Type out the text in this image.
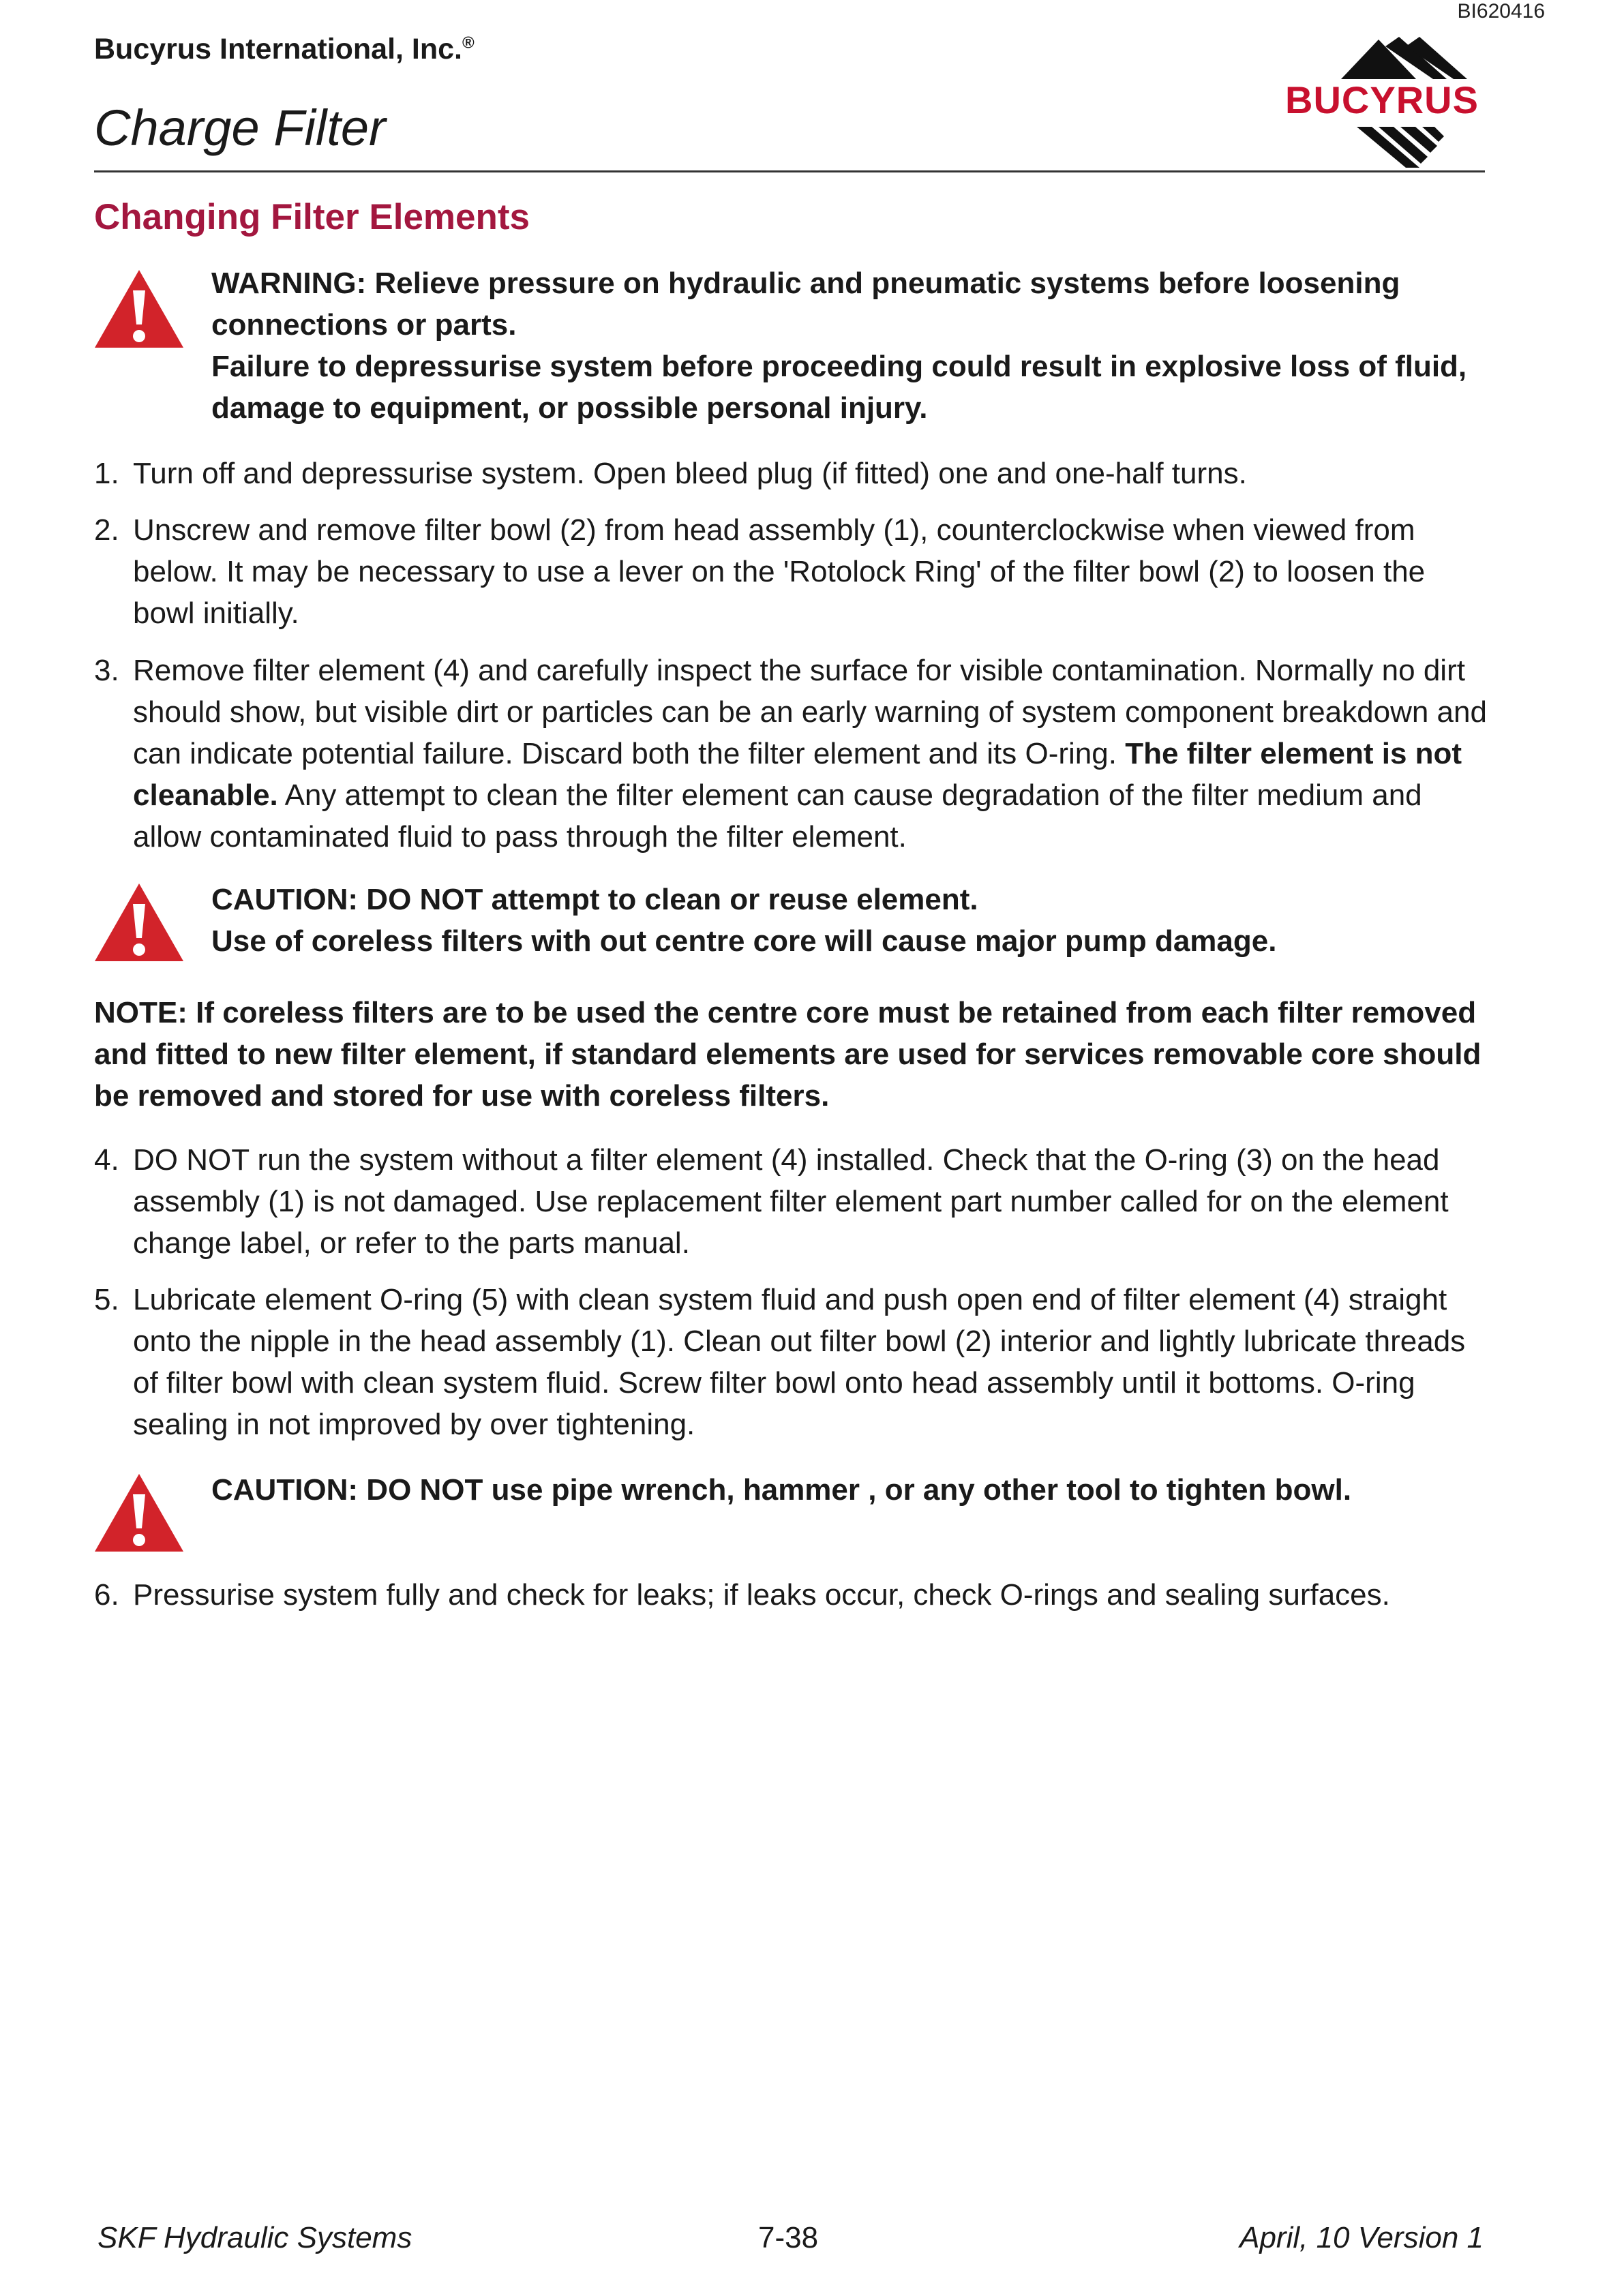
BI620416
Bucyrus International, Inc.®
Charge Filter	BUCYRUS
Changing Filter Elements

WARNING: Relieve pressure on hydraulic and pneumatic systems before loosening connections or parts.

Failure to depressurise system before proceeding could result in explosive loss of fluid, damage to equipment, or possible personal injury.

1. Turn off and depressurise system. Open bleed plug (if fitted) one and one-half turns.
2. Unscrew and remove filter bowl (2) from head assembly (1), counterclockwise when viewed from below. It may be necessary to use a lever on the 'Rotolock Ring' of the filter bowl (2) to loosen the bowl initially.
3. Remove filter element (4) and carefully inspect the surface for visible contamination. Normally no dirt should show, but visible dirt or particles can be an early warning of system component breakdown and can indicate potential failure. Discard both the filter element and its O-ring. The filter element is not cleanable. Any attempt to clean the filter element can cause degradation of the filter medium and allow contaminated fluid to pass through the filter element.

CAUTION: DO NOT attempt to clean or reuse element.

Use of coreless filters with out centre core will cause major pump damage.

NOTE: If coreless filters are to be used the centre core must be retained from each filter removed and fitted to new filter element, if standard elements are used for services removable core should be removed and stored for use with coreless filters.
4. DO NOT run the system without a filter element (4) installed. Check that the O-ring (3) on the head assembly (1) is not damaged. Use replacement filter element part number called for on the element change label, or refer to the parts manual.
5. Lubricate element O-ring (5) with clean system fluid and push open end of filter element (4) straight onto the nipple in the head assembly (1). Clean out filter bowl (2) interior and lightly lubricate threads of filter bowl with clean system fluid. Screw filter bowl onto head assembly until it bottoms. O-ring sealing in not improved by over tightening.

CAUTION: DO NOT use pipe wrench, hammer , or any other tool to tighten bowl.

6. Pressurise system fully and check for leaks; if leaks occur, check O-rings and sealing surfaces.
SKF Hydraulic Systems	7-38	April, 10 Version 1
